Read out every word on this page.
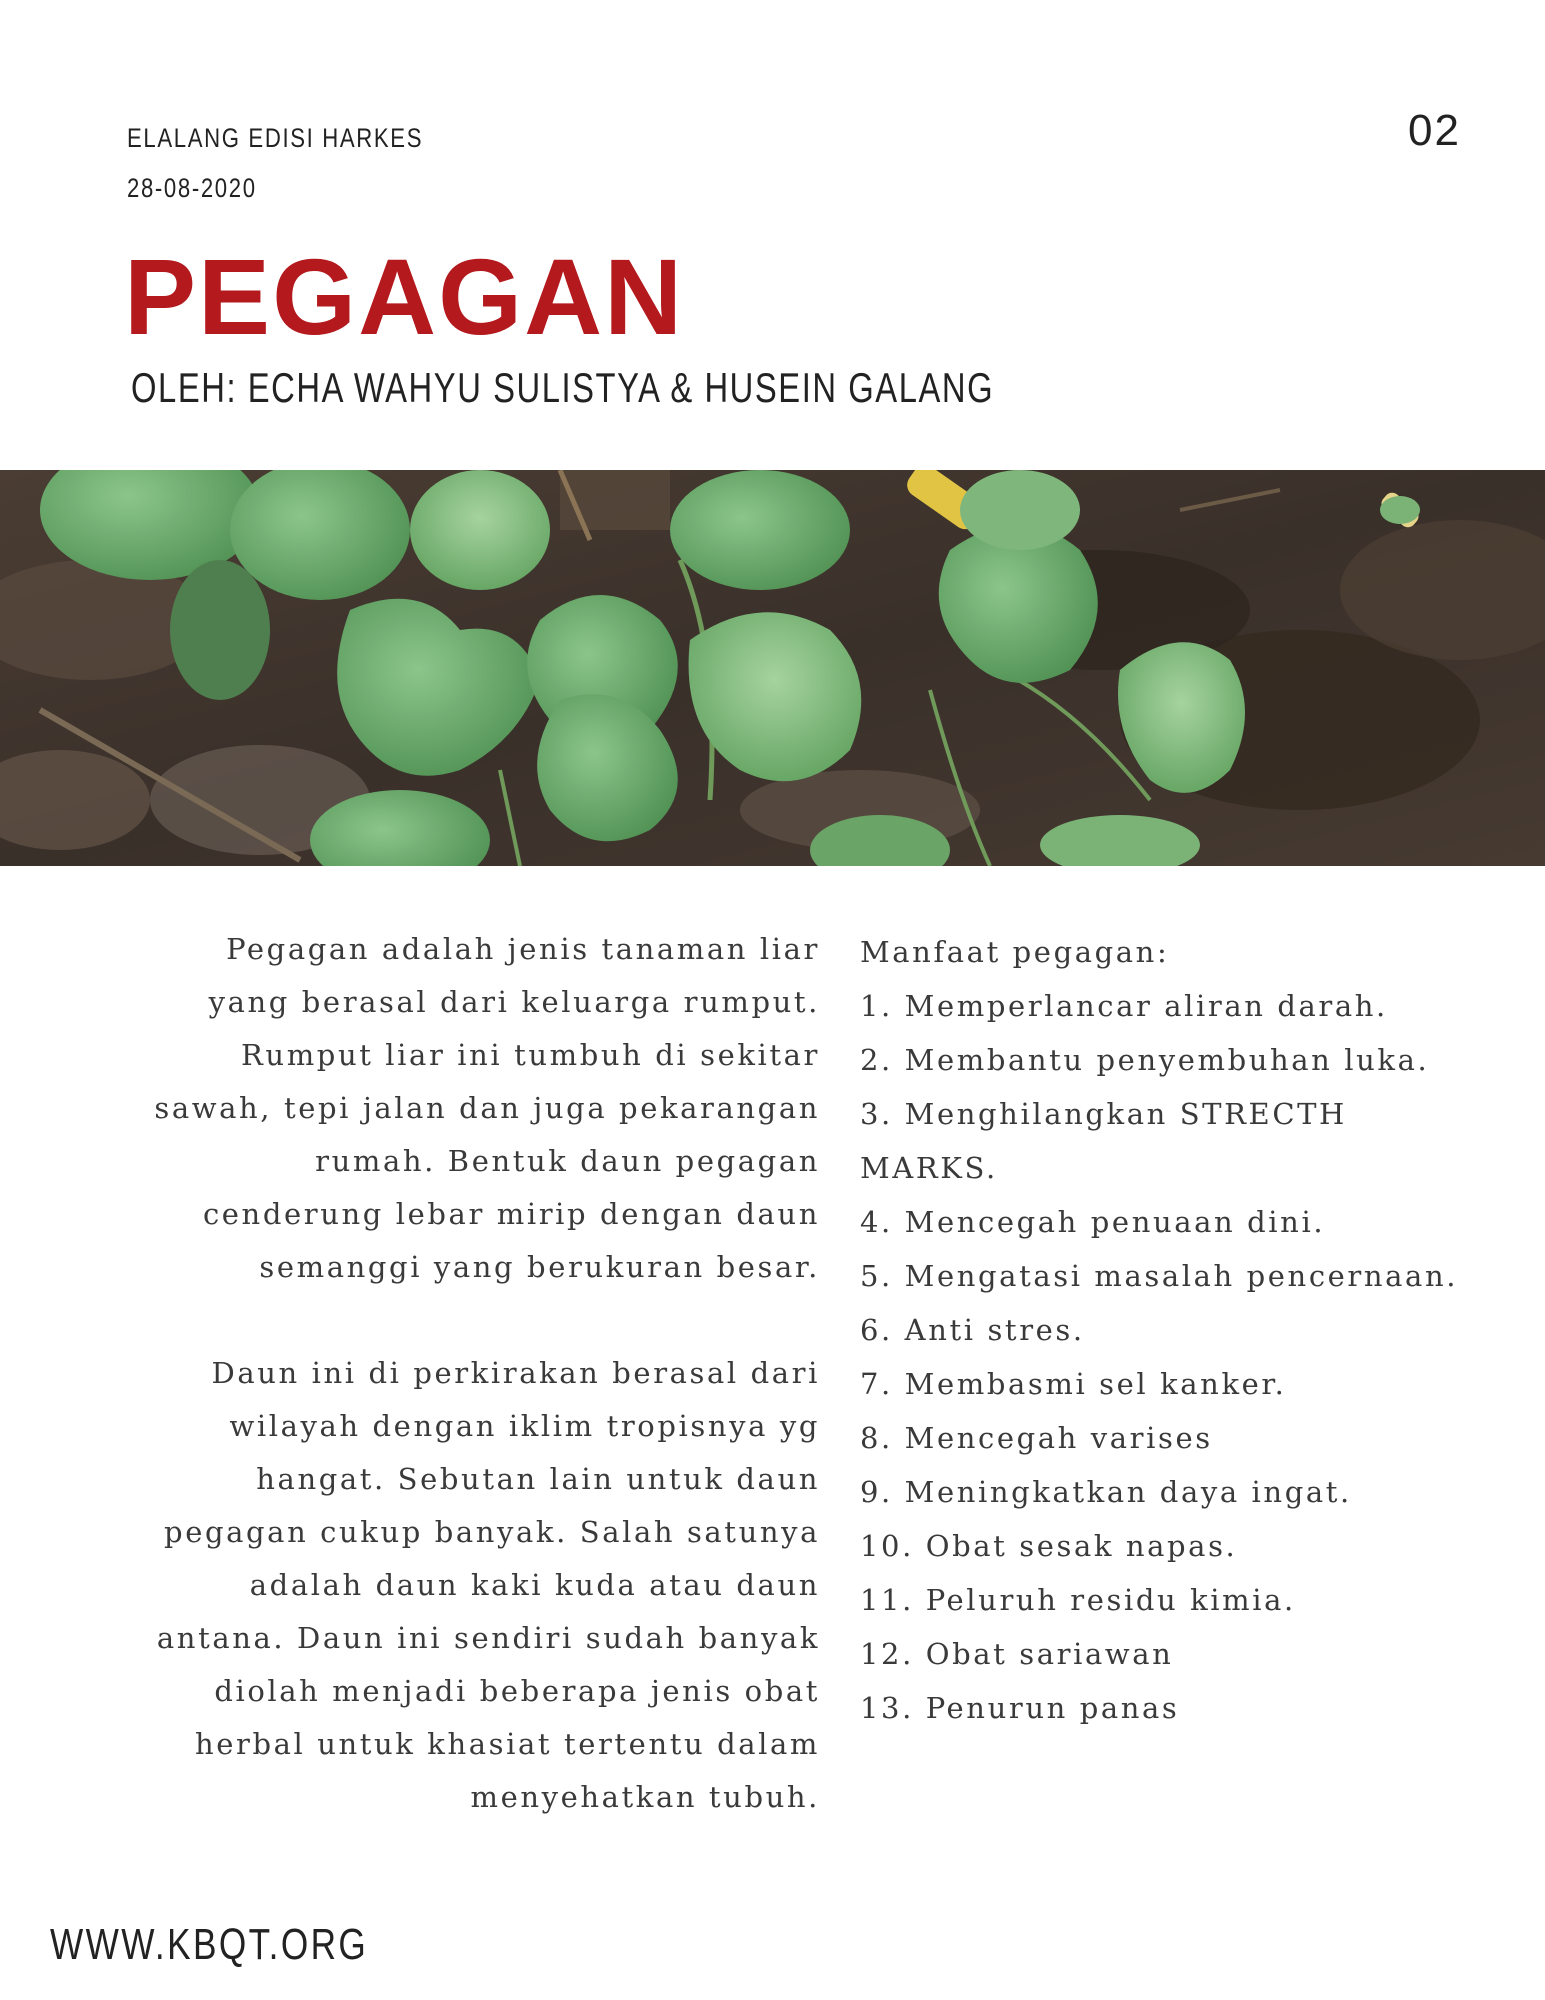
ELALANG EDISI HARKES
28-08-2020
02
PEGAGAN
OLEH: ECHA WAHYU SULISTYA & HUSEIN GALANG

Pegagan adalah jenis tanaman liar yang berasal dari keluarga rumput. Rumput liar ini tumbuh di sekitar sawah, tepi jalan dan juga pekarangan rumah. Bentuk daun pegagan cenderung lebar mirip dengan daun semanggi yang berukuran besar.

Daun ini di perkirakan berasal dari wilayah dengan iklim tropisnya yg hangat. Sebutan lain untuk daun pegagan cukup banyak. Salah satunya adalah daun kaki kuda atau daun antana. Daun ini sendiri sudah banyak diolah menjadi beberapa jenis obat herbal untuk khasiat tertentu dalam menyehatkan tubuh.

Manfaat pegagan:
1. Memperlancar aliran darah.
2. Membantu penyembuhan luka.
3. Menghilangkan STRECTH MARKS.
4. Mencegah penuaan dini.
5. Mengatasi masalah pencernaan.
6. Anti stres.
7. Membasmi sel kanker.
8. Mencegah varises
9. Meningkatkan daya ingat.
10. Obat sesak napas.
11. Peluruh residu kimia.
12. Obat sariawan
13. Penurun panas
WWW.KBQT.ORG
